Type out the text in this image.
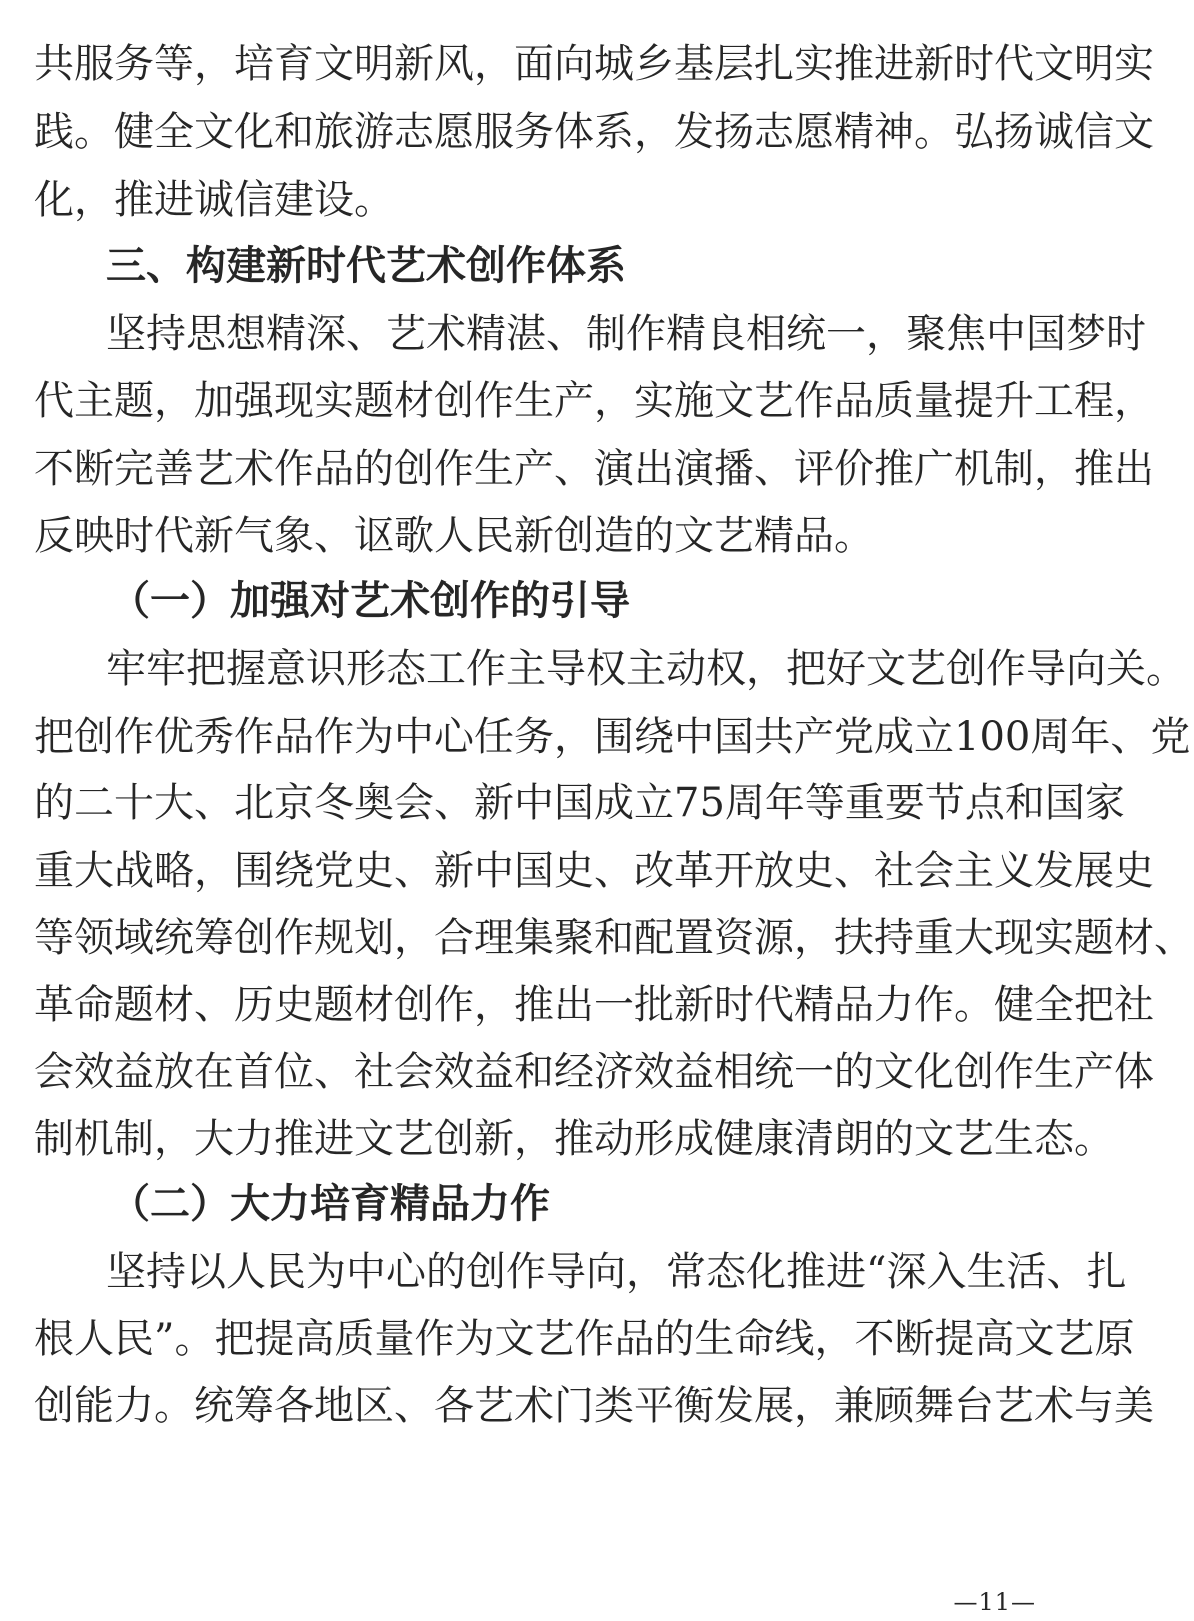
共服务等，培育文明新风，面向城乡基层扎实推进新时代文明实
践。健全文化和旅游志愿服务体系，发扬志愿精神。弘扬诚信文
化，推进诚信建设。
三、构建新时代艺术创作体系
坚持思想精深、艺术精湛、制作精良相统一，聚焦中国梦时
代主题，加强现实题材创作生产，实施文艺作品质量提升工程，
不断完善艺术作品的创作生产、演出演播、评价推广机制，推出
反映时代新气象、讴歌人民新创造的文艺精品。
（一）加强对艺术创作的引导
牢牢把握意识形态工作主导权主动权，把好文艺创作导向关。
把创作优秀作品作为中心任务，围绕中国共产党成立100周年、党
的二十大、北京冬奥会、新中国成立75周年等重要节点和国家
重大战略，围绕党史、新中国史、改革开放史、社会主义发展史
等领域统筹创作规划，合理集聚和配置资源，扶持重大现实题材、
革命题材、历史题材创作，推出一批新时代精品力作。健全把社
会效益放在首位、社会效益和经济效益相统一的文化创作生产体
制机制，大力推进文艺创新，推动形成健康清朗的文艺生态。
（二）大力培育精品力作
坚持以人民为中心的创作导向，常态化推进“深入生活、扎
根人民”。把提高质量作为文艺作品的生命线，不断提高文艺原
创能力。统筹各地区、各艺术门类平衡发展，兼顾舞台艺术与美
—11—
